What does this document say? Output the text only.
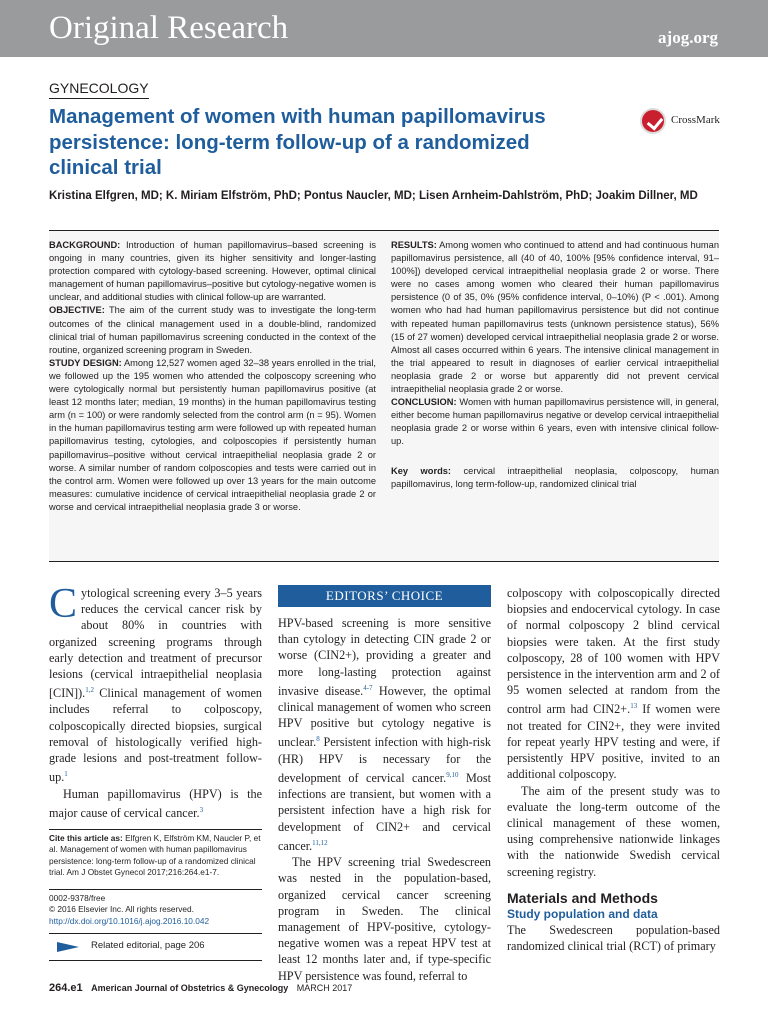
Original Research	ajog.org
GYNECOLOGY
Management of women with human papillomavirus persistence: long-term follow-up of a randomized clinical trial
CrossMark
Kristina Elfgren, MD; K. Miriam Elfström, PhD; Pontus Naucler, MD; Lisen Arnheim-Dahlström, PhD; Joakim Dillner, MD

BACKGROUND: Introduction of human papillomavirus–based screening is ongoing in many countries, given its higher sensitivity and longer-lasting protection compared with cytology-based screening. However, optimal clinical management of human papillomavirus–positive but cytology-negative women is unclear, and additional studies with clinical follow-up are warranted.

OBJECTIVE: The aim of the current study was to investigate the long-term outcomes of the clinical management used in a double-blind, randomized clinical trial of human papillomavirus screening conducted in the context of the routine, organized screening program in Sweden.

STUDY DESIGN: Among 12,527 women aged 32–38 years enrolled in the trial, we followed up the 195 women who attended the colposcopy screening who were cytologically normal but persistently human papillomavirus positive (at least 12 months later; median, 19 months) in the human papillomavirus testing arm (n = 100) or were randomly selected from the control arm (n = 95). Women in the human papillomavirus testing arm were followed up with repeated human papillomavirus testing, cytologies, and colposcopies if persistently human papillomavirus–positive without cervical intraepithelial neoplasia grade 2 or worse. A similar number of random colposcopies and tests were carried out in the control arm. Women were followed up over 13 years for the main outcome measures: cumulative incidence of cervical intraepithelial neoplasia grade 2 or worse and cervical intraepithelial neoplasia grade 3 or worse.

RESULTS: Among women who continued to attend and had continuous human papillomavirus persistence, all (40 of 40, 100% [95% confidence interval, 91–100%]) developed cervical intraepithelial neoplasia grade 2 or worse. There were no cases among women who cleared their human papillomavirus persistence (0 of 35, 0% (95% confidence interval, 0–10%) (P < .001). Among women who had had human papillomavirus persistence but did not continue with repeated human papillomavirus tests (unknown persistence status), 56% (15 of 27 women) developed cervical intraepithelial neoplasia grade 2 or worse. Almost all cases occurred within 6 years. The intensive clinical management in the trial appeared to result in diagnoses of earlier cervical intraepithelial neoplasia grade 2 or worse but apparently did not prevent cervical intraepithelial neoplasia grade 2 or worse.

CONCLUSION: Women with human papillomavirus persistence will, in general, either become human papillomavirus negative or develop cervical intraepithelial neoplasia grade 2 or worse within 6 years, even with intensive clinical follow-up.

Key words: cervical intraepithelial neoplasia, colposcopy, human papillomavirus, long term-follow-up, randomized clinical trial

Cytological screening every 3–5 years reduces the cervical cancer risk by about 80% in countries with organized screening programs through early detection and treatment of precursor lesions (cervical intraepithelial neoplasia [CIN]).$^{1,2}$ Clinical management of women includes referral to colposcopy, colposcopically directed biopsies, surgical removal of histologically verified high-grade lesions and post-treatment follow-up.$^1$

Human papillomavirus (HPV) is the major cause of cervical cancer.$^3$

Cite this article as: Elfgren K, Elfström KM, Naucler P, et al. Management of women with human papillomavirus persistence: long-term follow-up of a randomized clinical trial. Am J Obstet Gynecol 2017;216:264.e1-7.
0002-9378/free
© 2016 Elsevier Inc. All rights reserved.
http://dx.doi.org/10.1016/j.ajog.2016.10.042
Related editorial, page 206
EDITORS’ CHOICE

HPV-based screening is more sensitive than cytology in detecting CIN grade 2 or worse (CIN2+), providing a greater and more long-lasting protection against invasive disease.$^{4-7}$ However, the optimal clinical management of women who screen HPV positive but cytology negative is unclear.$^8$ Persistent infection with high-risk (HR) HPV is necessary for the development of cervical cancer.$^{9,10}$ Most infections are transient, but women with a persistent infection have a high risk for development of CIN2+ and cervical cancer.$^{11,12}$

The HPV screening trial Swedescreen was nested in the population-based, organized cervical cancer screening program in Sweden. The clinical management of HPV-positive, cytology-negative women was a repeat HPV test at least 12 months later and, if type-specific HPV persistence was found, referral to

colposcopy with colposcopically directed biopsies and endocervical cytology. In case of normal colposcopy 2 blind cervical biopsies were taken. At the first study colposcopy, 28 of 100 women with HPV persistence in the intervention arm and 2 of 95 women selected at random from the control arm had CIN2+.$^{13}$ If women were not treated for CIN2+, they were invited for repeat yearly HPV testing and were, if persistently HPV positive, invited to an additional colposcopy.

The aim of the present study was to evaluate the long-term outcome of the clinical management of these women, using comprehensive nationwide linkages with the nationwide Swedish cervical screening registry.

Materials and Methods

Study population and data

The Swedescreen population-based randomized clinical trial (RCT) of primary

264.e1 American Journal of Obstetrics & Gynecology MARCH 2017
